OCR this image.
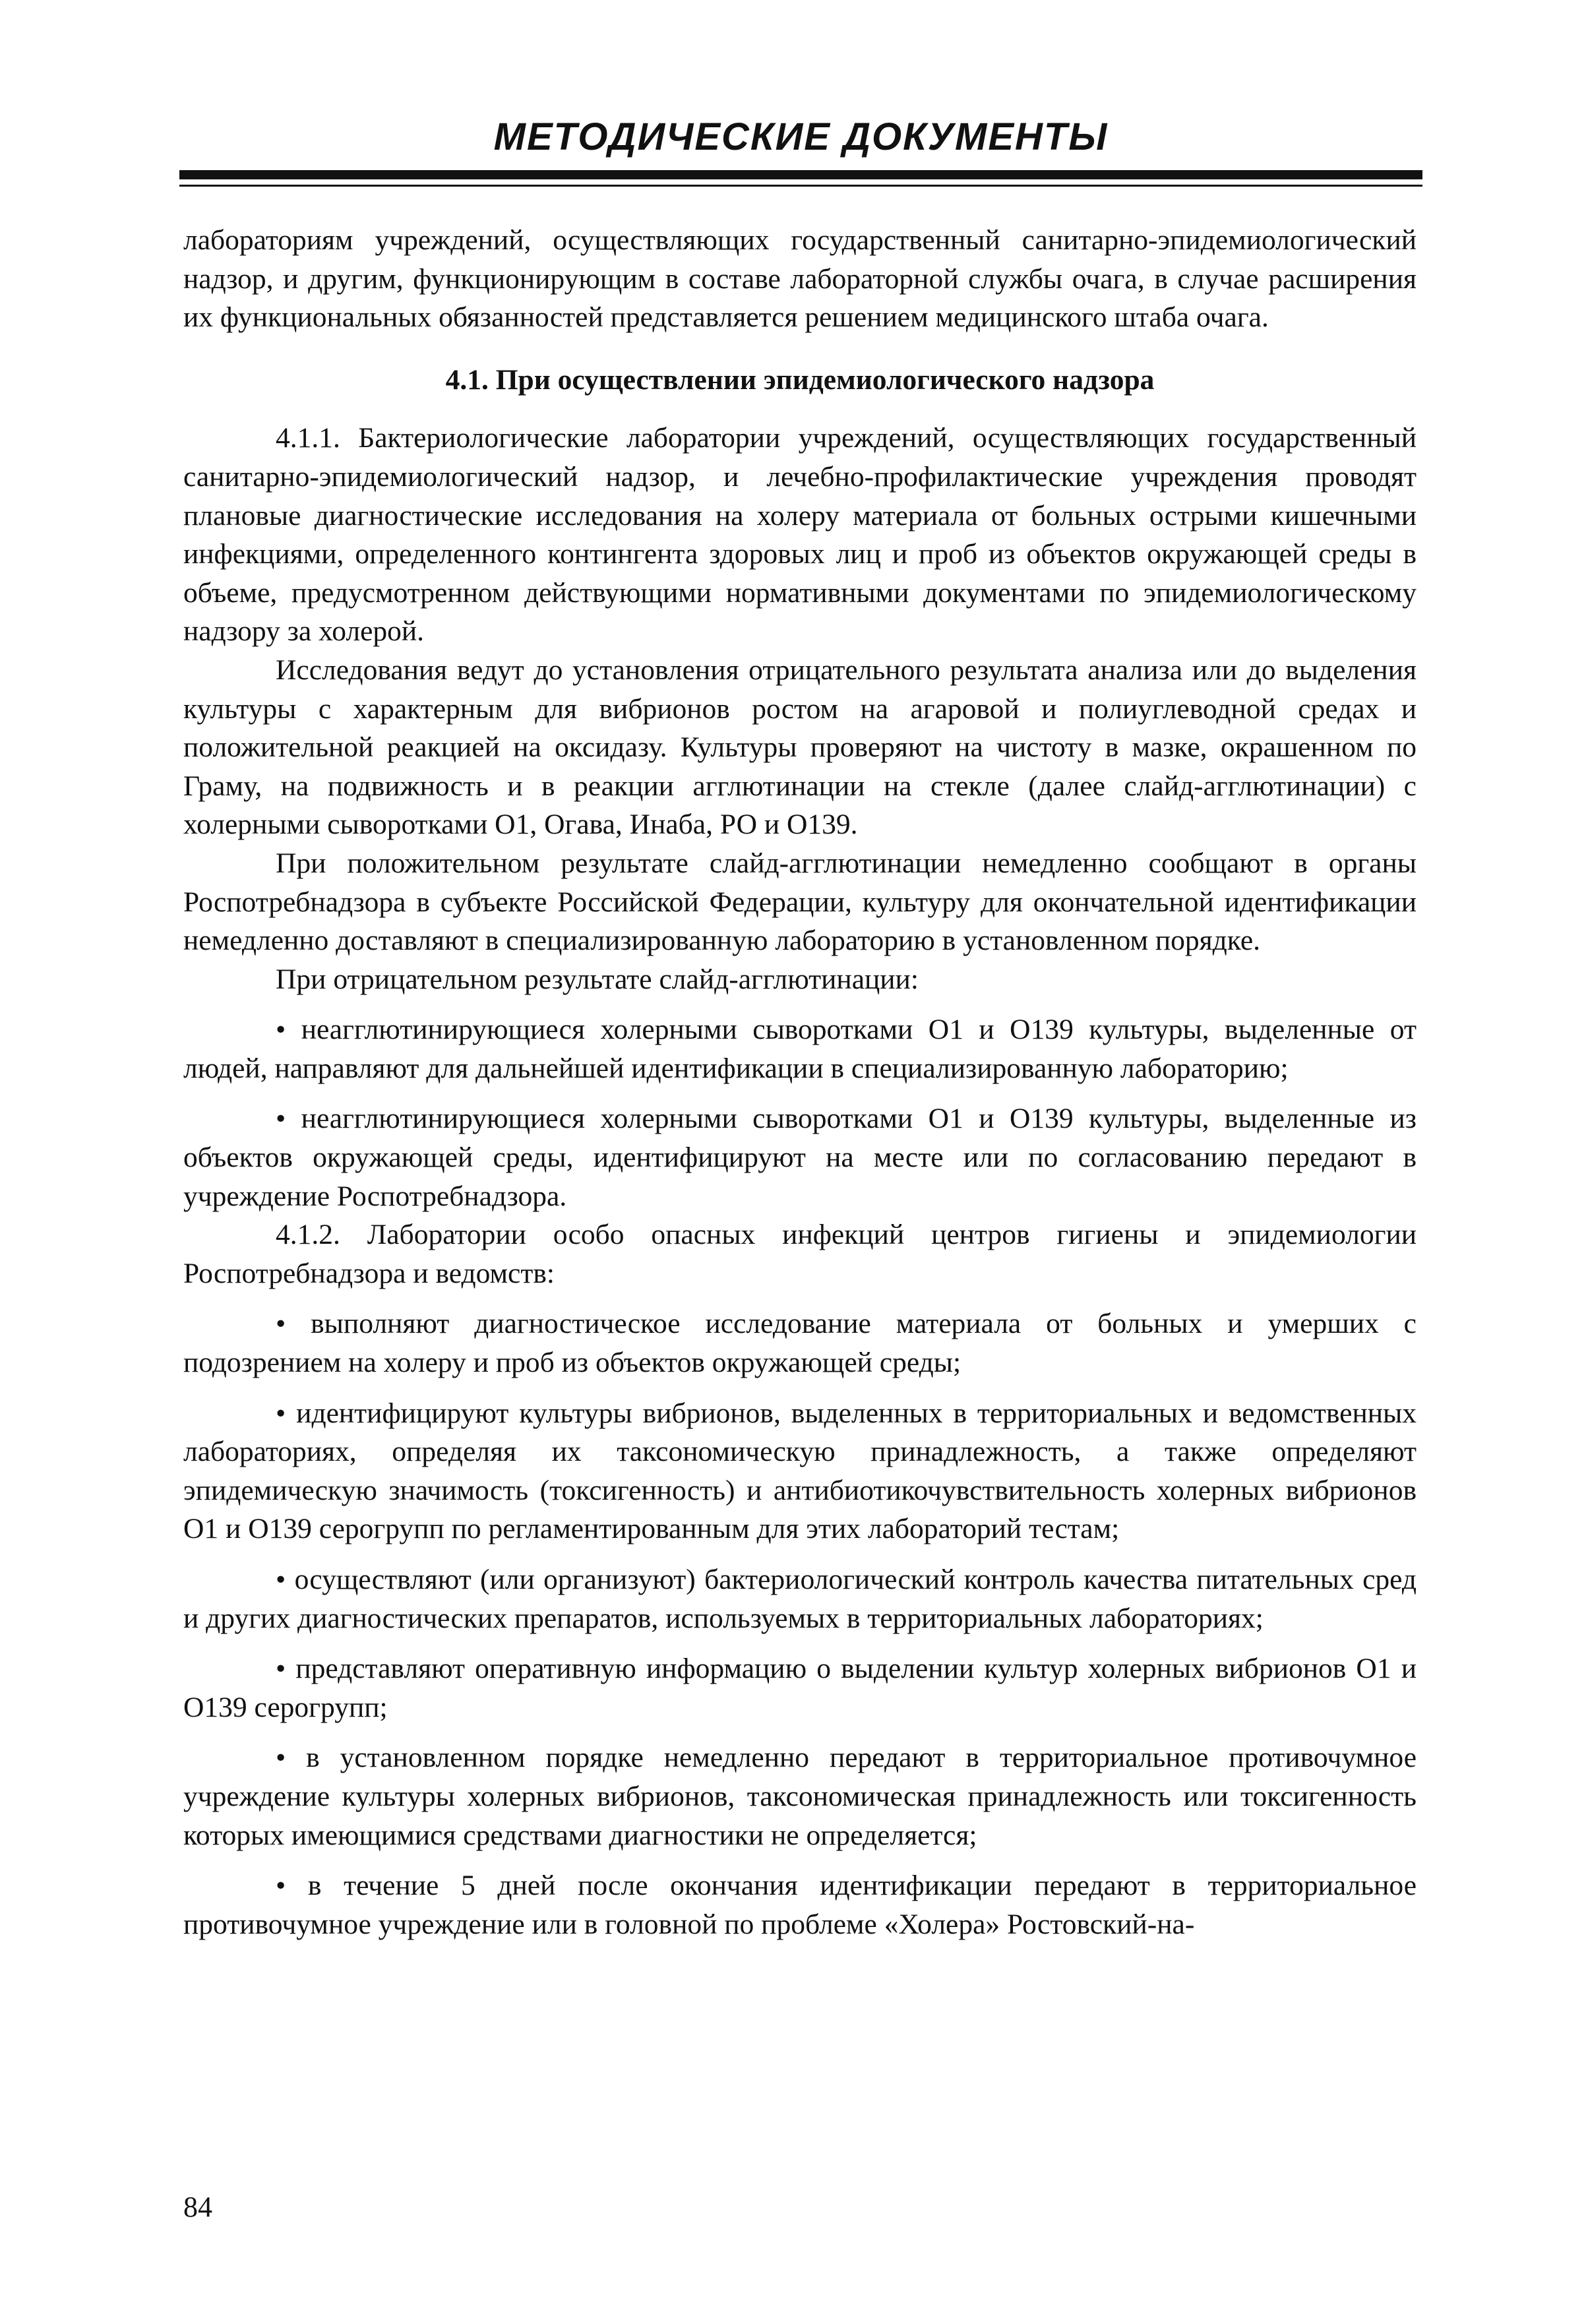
МЕТОДИЧЕСКИЕ ДОКУМЕНТЫ

лабораториям учреждений, осуществляющих государственный санитарно-эпидемиологический надзор, и другим, функционирующим в составе лабораторной службы очага, в случае расширения их функциональных обязанностей представляется решением медицинского штаба очага.

4.1. При осуществлении эпидемиологического надзора

4.1.1. Бактериологические лаборатории учреждений, осуществляющих государственный санитарно-эпидемиологический надзор, и лечебно-профилактические учреждения проводят плановые диагностические исследования на холеру материала от больных острыми кишечными инфекциями, определенного контингента здоровых лиц и проб из объектов окружающей среды в объеме, предусмотренном действующими нормативными документами по эпидемиологическому надзору за холерой.

Исследования ведут до установления отрицательного результата анализа или до выделения культуры с характерным для вибрионов ростом на агаровой и полиуглеводной средах и положительной реакцией на оксидазу. Культуры проверяют на чистоту в мазке, окрашенном по Граму, на подвижность и в реакции агглютинации на стекле (далее слайд-агглютинации) с холерными сыворотками О1, Огава, Инаба, РО и О139.

При положительном результате слайд-агглютинации немедленно сообщают в органы Роспотребнадзора в субъекте Российской Федерации, культуру для окончательной идентификации немедленно доставляют в специализированную лабораторию в установленном порядке.

При отрицательном результате слайд-агглютинации:

• неагглютинирующиеся холерными сыворотками О1 и О139 культуры, выделенные от людей, направляют для дальнейшей идентификации в специализированную лабораторию;

• неагглютинирующиеся холерными сыворотками О1 и О139 культуры, выделенные из объектов окружающей среды, идентифицируют на месте или по согласованию передают в учреждение Роспотребнадзора.

4.1.2. Лаборатории особо опасных инфекций центров гигиены и эпидемиологии Роспотребнадзора и ведомств:

• выполняют диагностическое исследование материала от больных и умерших с подозрением на холеру и проб из объектов окружающей среды;

• идентифицируют культуры вибрионов, выделенных в территориальных и ведомственных лабораториях, определяя их таксономическую принадлежность, а также определяют эпидемическую значимость (токсигенность) и антибиотикочувствительность холерных вибрионов О1 и О139 серогрупп по регламентированным для этих лабораторий тестам;

• осуществляют (или организуют) бактериологический контроль качества питательных сред и других диагностических препаратов, используемых в территориальных лабораториях;

• представляют оперативную информацию о выделении культур холерных вибрионов О1 и О139 серогрупп;

• в установленном порядке немедленно передают в территориальное противочумное учреждение культуры холерных вибрионов, таксономическая принадлежность или токсигенность которых имеющимися средствами диагностики не определяется;

• в течение 5 дней после окончания идентификации передают в территориальное противочумное учреждение или в головной по проблеме «Холера» Ростовский-на-

84
